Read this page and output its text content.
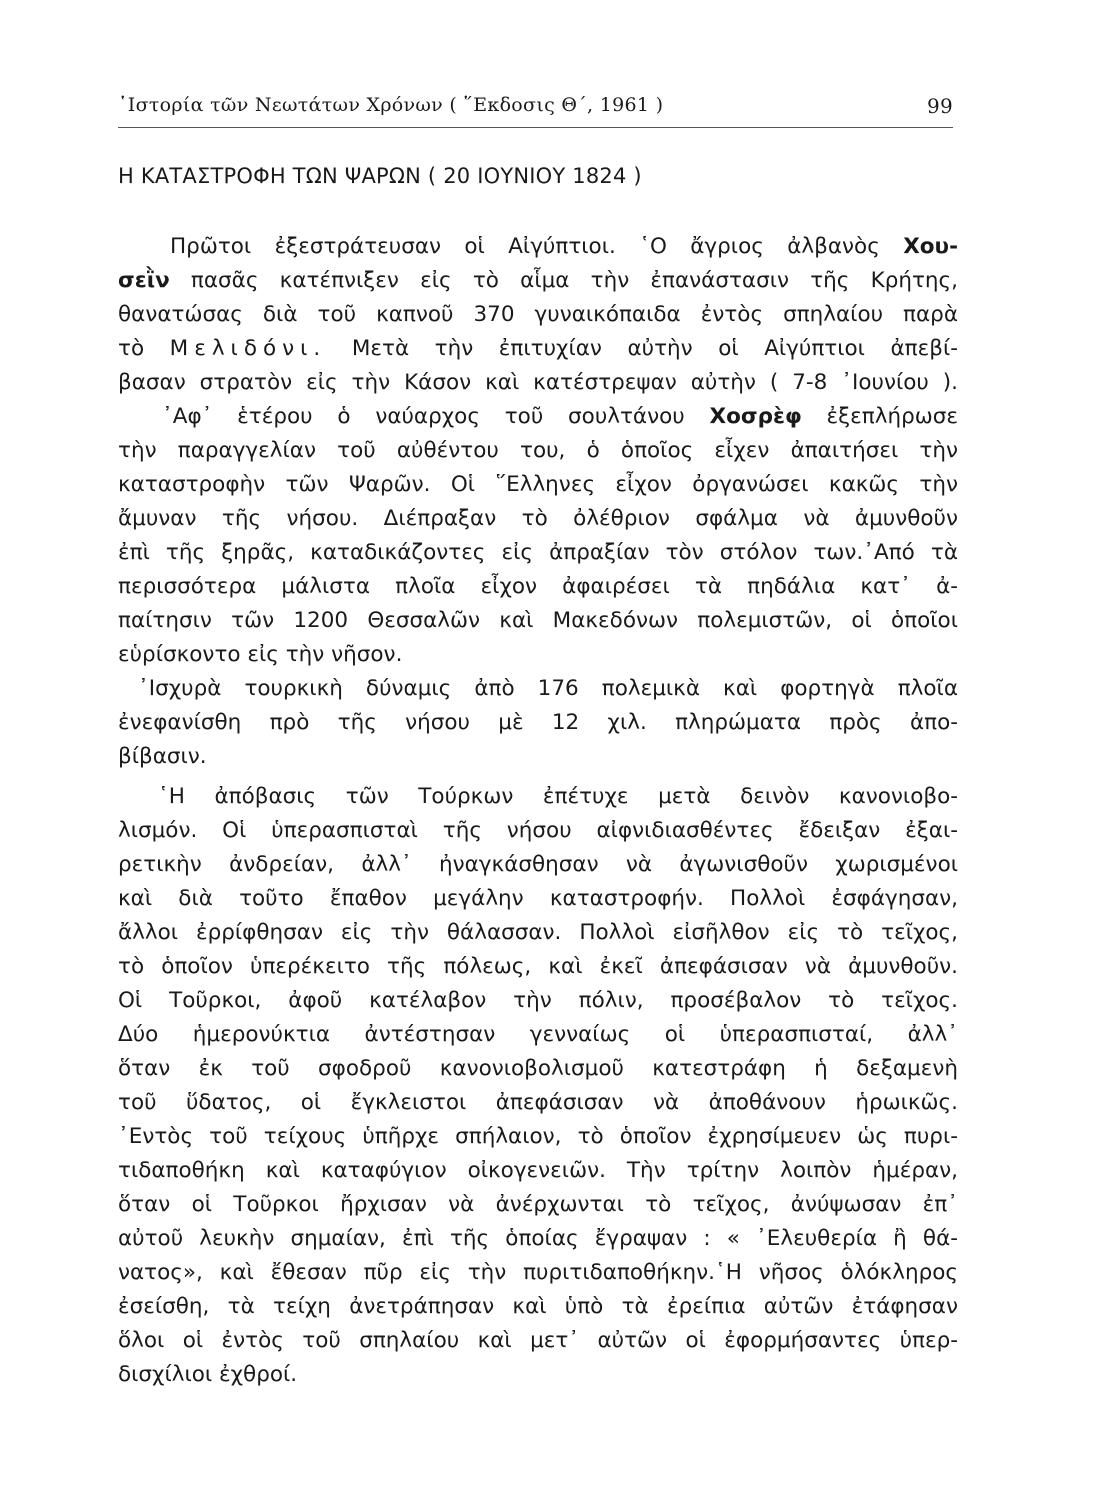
῾Ιστορία τῶν Νεωτάτων Χρόνων ( ῞Εκδοσις Θ΄, 1961 )	99
Η ΚΑΤΑΣΤΡΟΦΗ ΤΩΝ ΨΑΡΩΝ ( 20 ΙΟΥΝΙΟΥ 1824 )
Πρῶτοι ἐξεστράτευσαν οἱ Αἰγύπτιοι. ῾Ο ἄγριος ἀλβανὸς Χου-
σεῒν πασᾶς κατέπνιξεν εἰς τὸ αἷμα τὴν ἐπανάστασιν τῆς Κρήτης,
θανατώσας διὰ τοῦ καπνοῦ 370 γυναικόπαιδα ἐντὸς σπηλαίου παρὰ
τὸ Μελιδόνι. Μετὰ τὴν ἐπιτυχίαν αὐτὴν οἱ Αἰγύπτιοι ἀπεβί-
βασαν στρατὸν εἰς τὴν Κάσον καὶ κατέστρεψαν αὐτὴν ( 7-8 ᾿Ιουνίου ).
᾿Αφ᾿ ἑτέρου ὁ ναύαρχος τοῦ σουλτάνου Χοσρὲφ ἐξεπλήρωσε
τὴν παραγγελίαν τοῦ αὐθέντου του, ὁ ὁποῖος εἶχεν ἀπαιτήσει τὴν
καταστροφὴν τῶν Ψαρῶν. Οἱ ῞Ελληνες εἶχον ὀργανώσει κακῶς τὴν
ἄμυναν τῆς νήσου. Διέπραξαν τὸ ὀλέθριον σφάλμα νὰ ἀμυνθοῦν
ἐπὶ τῆς ξηρᾶς, καταδικάζοντες εἰς ἀπραξίαν τὸν στόλον των.᾿Από τὰ
περισσότερα μάλιστα πλοῖα εἶχον ἀφαιρέσει τὰ πηδάλια κατ᾿ ἀ-
παίτησιν τῶν 1200 Θεσσαλῶν καὶ Μακεδόνων πολεμιστῶν, οἱ ὁποῖοι
εὑρίσκοντο εἰς τὴν νῆσον.
᾿Ισχυρὰ τουρκικὴ δύναμις ἀπὸ 176 πολεμικὰ καὶ φορτηγὰ πλοῖα
ἐνεφανίσθη πρὸ τῆς νήσου μὲ 12 χιλ. πληρώματα πρὸς ἀπο-
βίβασιν.
῾Η ἀπόβασις τῶν Τούρκων ἐπέτυχε μετὰ δεινὸν κανονιοβο-
λισμόν. Οἱ ὑπερασπισταὶ τῆς νήσου αἰφνιδιασθέντες ἔδειξαν ἐξαι-
ρετικὴν ἀνδρείαν, ἀλλ᾿ ἠναγκάσθησαν νὰ ἀγωνισθοῦν χωρισμένοι
καὶ διὰ τοῦτο ἔπαθον μεγάλην καταστροφήν. Πολλοὶ ἐσφάγησαν,
ἄλλοι ἐρρίφθησαν εἰς τὴν θάλασσαν. Πολλοὶ εἰσῆλθον εἰς τὸ τεῖχος,
τὸ ὁποῖον ὑπερέκειτο τῆς πόλεως, καὶ ἐκεῖ ἀπεφάσισαν νὰ ἀμυνθοῦν.
Οἱ Τοῦρκοι, ἀφοῦ κατέλαβον τὴν πόλιν, προσέβαλον τὸ τεῖχος.
Δύο ἡμερονύκτια ἀντέστησαν γενναίως οἱ ὑπερασπισταί, ἀλλ᾿
ὅταν ἐκ τοῦ σφοδροῦ κανονιοβολισμοῦ κατεστράφη ἡ δεξαμενὴ
τοῦ ὕδατος, οἱ ἔγκλειστοι ἀπεφάσισαν νὰ ἀποθάνουν ἡρωικῶς.
᾿Εντὸς τοῦ τείχους ὑπῆρχε σπήλαιον, τὸ ὁποῖον ἐχρησίμευεν ὡς πυρι-
τιδαποθήκη καὶ καταφύγιον οἰκογενειῶν. Τὴν τρίτην λοιπὸν ἡμέραν,
ὅταν οἱ Τοῦρκοι ἤρχισαν νὰ ἀνέρχωνται τὸ τεῖχος, ἀνύψωσαν ἐπ᾿
αὐτοῦ λευκὴν σημαίαν, ἐπὶ τῆς ὁποίας ἔγραψαν : « ᾿Ελευθερία ἢ θά-
νατος», καὶ ἔθεσαν πῦρ εἰς τὴν πυριτιδαποθήκην.῾Η νῆσος ὁλόκληρος
ἐσείσθη, τὰ τείχη ἀνετράπησαν καὶ ὑπὸ τὰ ἐρείπια αὐτῶν ἐτάφησαν
ὅλοι οἱ ἐντὸς τοῦ σπηλαίου καὶ μετ᾿ αὐτῶν οἱ ἐφορμήσαντες ὑπερ-
δισχίλιοι ἐχθροί.
